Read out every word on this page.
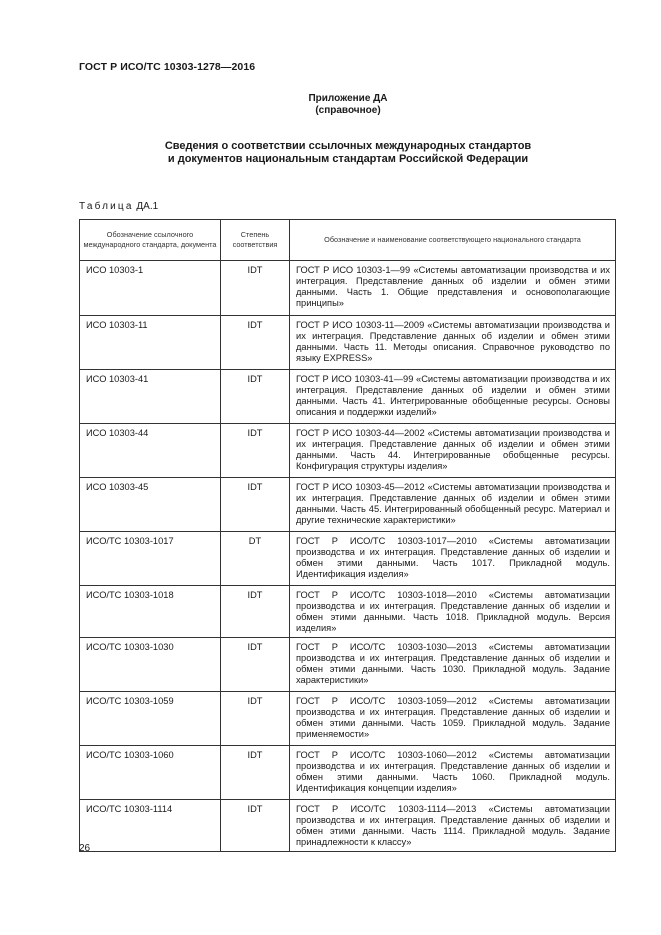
ГОСТ Р ИСО/ТС 10303-1278—2016
Приложение ДА
(справочное)
Сведения о соответствии ссылочных международных стандартов
и документов национальным стандартам Российской Федерации
Таблица ДА.1
Обозначение ссылочного международного стандарта, документа	Степень соответствия	Обозначение и наименование соответствующего национального стандарта
ИСО 10303-1	IDT	ГОСТ Р ИСО 10303-1—99 «Системы автоматизации производства и их интеграция. Представление данных об изделии и обмен этими данными. Часть 1. Общие представления и основополагающие принципы»
ИСО 10303-11	IDT	ГОСТ Р ИСО 10303-11—2009 «Системы автоматизации производства и их интеграция. Представление данных об изделии и обмен этими данными. Часть 11. Методы описания. Справочное руководство по языку EXPRESS»
ИСО 10303-41	IDT	ГОСТ Р ИСО 10303-41—99 «Системы автоматизации производства и их интеграция. Представление данных об изделии и обмен этими данными. Часть 41. Интегрированные обобщенные ресурсы. Основы описания и поддержки изделий»
ИСО 10303-44	IDT	ГОСТ Р ИСО 10303-44—2002 «Системы автоматизации производства и их интеграция. Представление данных об изделии и обмен этими данными. Часть 44. Интегрированные обобщенные ресурсы. Конфигурация структуры изделия»
ИСО 10303-45	IDT	ГОСТ Р ИСО 10303-45—2012 «Системы автоматизации производства и их интеграция. Представление данных об изделии и обмен этими данными. Часть 45. Интегрированный обобщенный ресурс. Материал и другие технические характеристики»
ИСО/ТС 10303-1017	DT	ГОСТ Р ИСО/ТС 10303-1017—2010 «Системы автоматизации производства и их интеграция. Представление данных об изделии и обмен этими данными. Часть 1017. Прикладной модуль. Идентификация изделия»
ИСО/ТС 10303-1018	IDT	ГОСТ Р ИСО/ТС 10303-1018—2010 «Системы автоматизации производства и их интеграция. Представление данных об изделии и обмен этими данными. Часть 1018. Прикладной модуль. Версия изделия»
ИСО/ТС 10303-1030	IDT	ГОСТ Р ИСО/ТС 10303-1030—2013 «Системы автоматизации производства и их интеграция. Представление данных об изделии и обмен этими данными. Часть 1030. Прикладной модуль. Задание характеристики»
ИСО/ТС 10303-1059	IDT	ГОСТ Р ИСО/ТС 10303-1059—2012 «Системы автоматизации производства и их интеграция. Представление данных об изделии и обмен этими данными. Часть 1059. Прикладной модуль. Задание применяемости»
ИСО/ТС 10303-1060	IDT	ГОСТ Р ИСО/ТС 10303-1060—2012 «Системы автоматизации производства и их интеграция. Представление данных об изделии и обмен этими данными. Часть 1060. Прикладной модуль. Идентификация концепции изделия»
ИСО/ТС 10303-1114	IDT	ГОСТ Р ИСО/ТС 10303-1114—2013 «Системы автоматизации производства и их интеграция. Представление данных об изделии и обмен этими данными. Часть 1114. Прикладной модуль. Задание принадлежности к классу»
26
